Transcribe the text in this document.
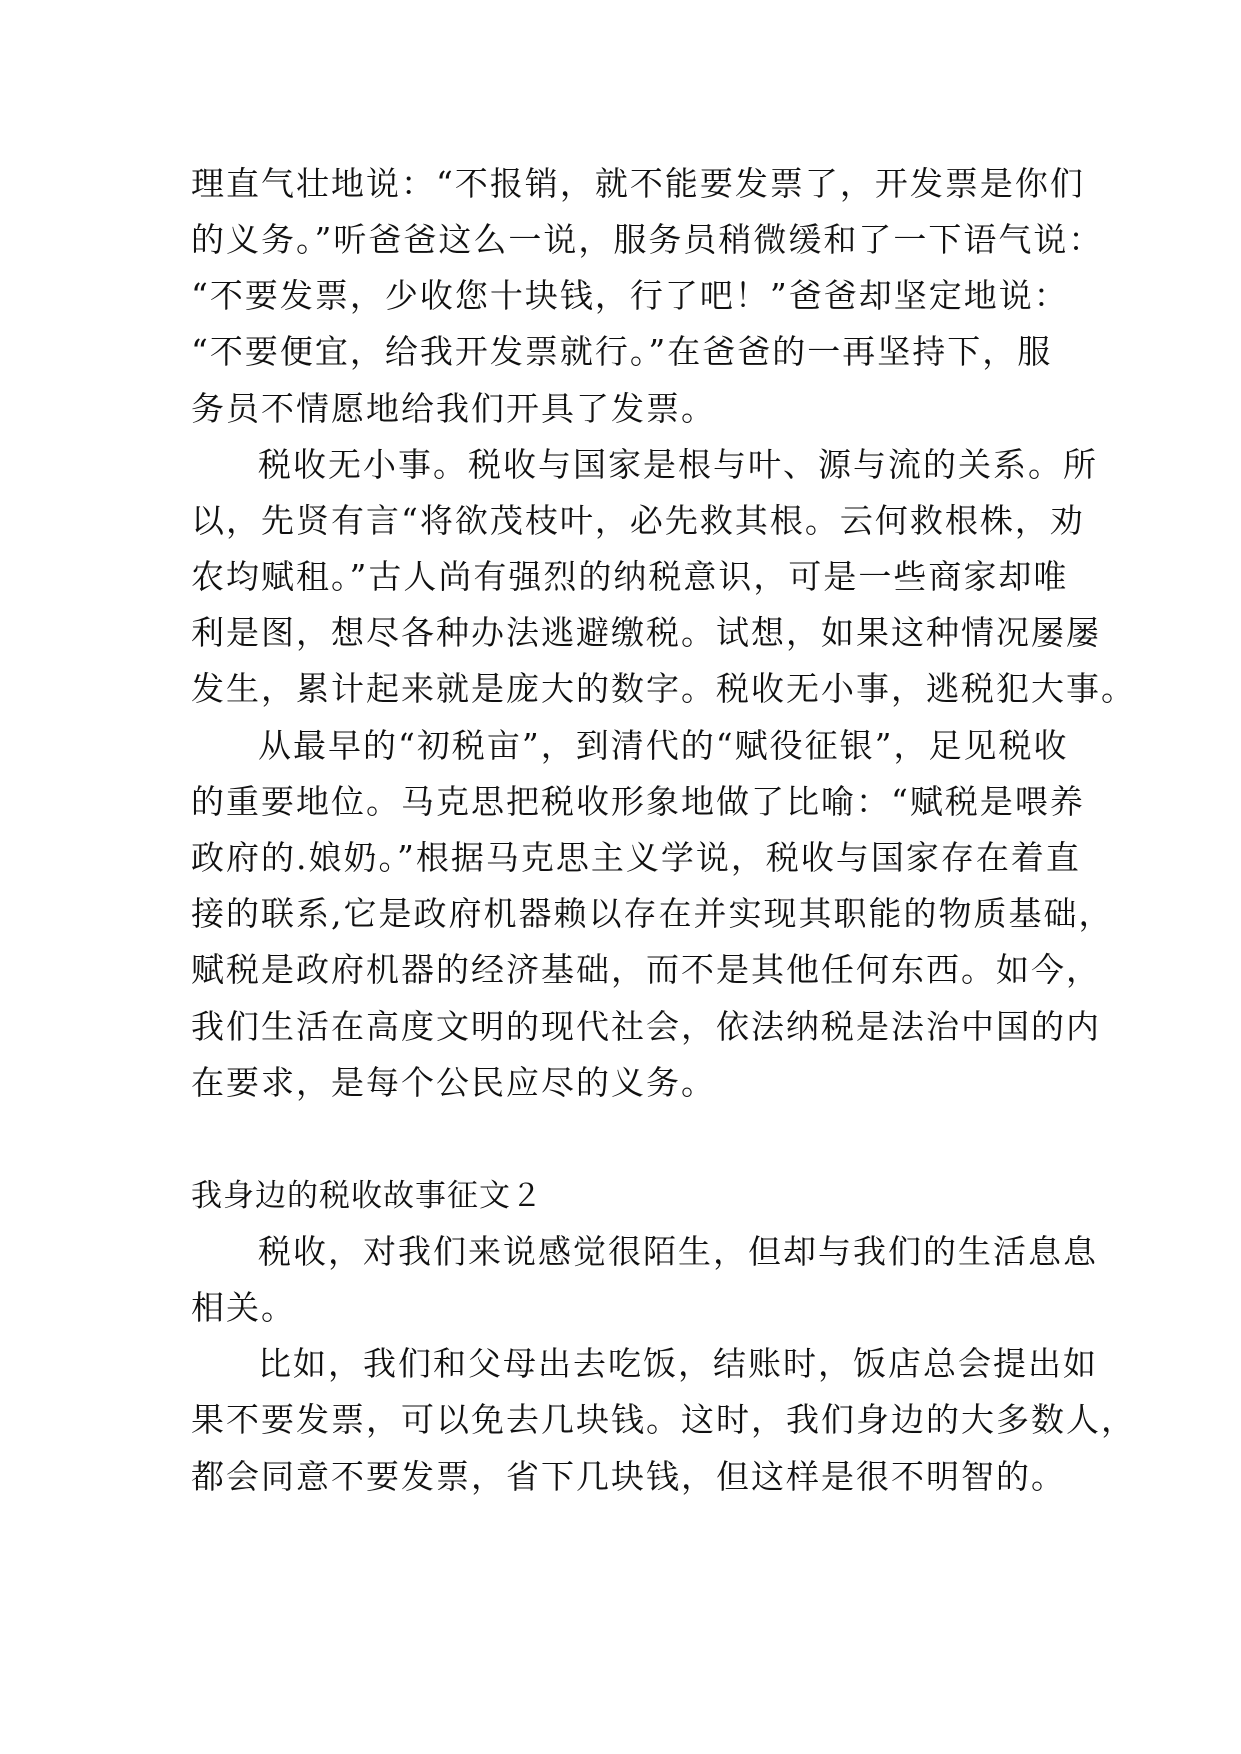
理直气壮地说：“不报销，就不能要发票了，开发票是你们
的义务。”听爸爸这么一说，服务员稍微缓和了一下语气说：
“不要发票，少收您十块钱，行了吧！”爸爸却坚定地说：
“不要便宜，给我开发票就行。”在爸爸的一再坚持下，服
务员不情愿地给我们开具了发票。
税收无小事。税收与国家是根与叶、源与流的关系。所
以，先贤有言“将欲茂枝叶，必先救其根。云何救根株，劝
农均赋租。”古人尚有强烈的纳税意识，可是一些商家却唯
利是图，想尽各种办法逃避缴税。试想，如果这种情况屡屡
发生，累计起来就是庞大的数字。税收无小事，逃税犯大事。
从最早的“初税亩”，到清代的“赋役征银”，足见税收
的重要地位。马克思把税收形象地做了比喻：“赋税是喂养
政府的.娘奶。”根据马克思主义学说，税收与国家存在着直
接的联系,它是政府机器赖以存在并实现其职能的物质基础，
赋税是政府机器的经济基础，而不是其他任何东西。如今，
我们生活在高度文明的现代社会，依法纳税是法治中国的内
在要求，是每个公民应尽的义务。
我身边的税收故事征文２
税收，对我们来说感觉很陌生，但却与我们的生活息息
相关。
比如，我们和父母出去吃饭，结账时，饭店总会提出如
果不要发票，可以免去几块钱。这时，我们身边的大多数人，
都会同意不要发票，省下几块钱，但这样是很不明智的。
